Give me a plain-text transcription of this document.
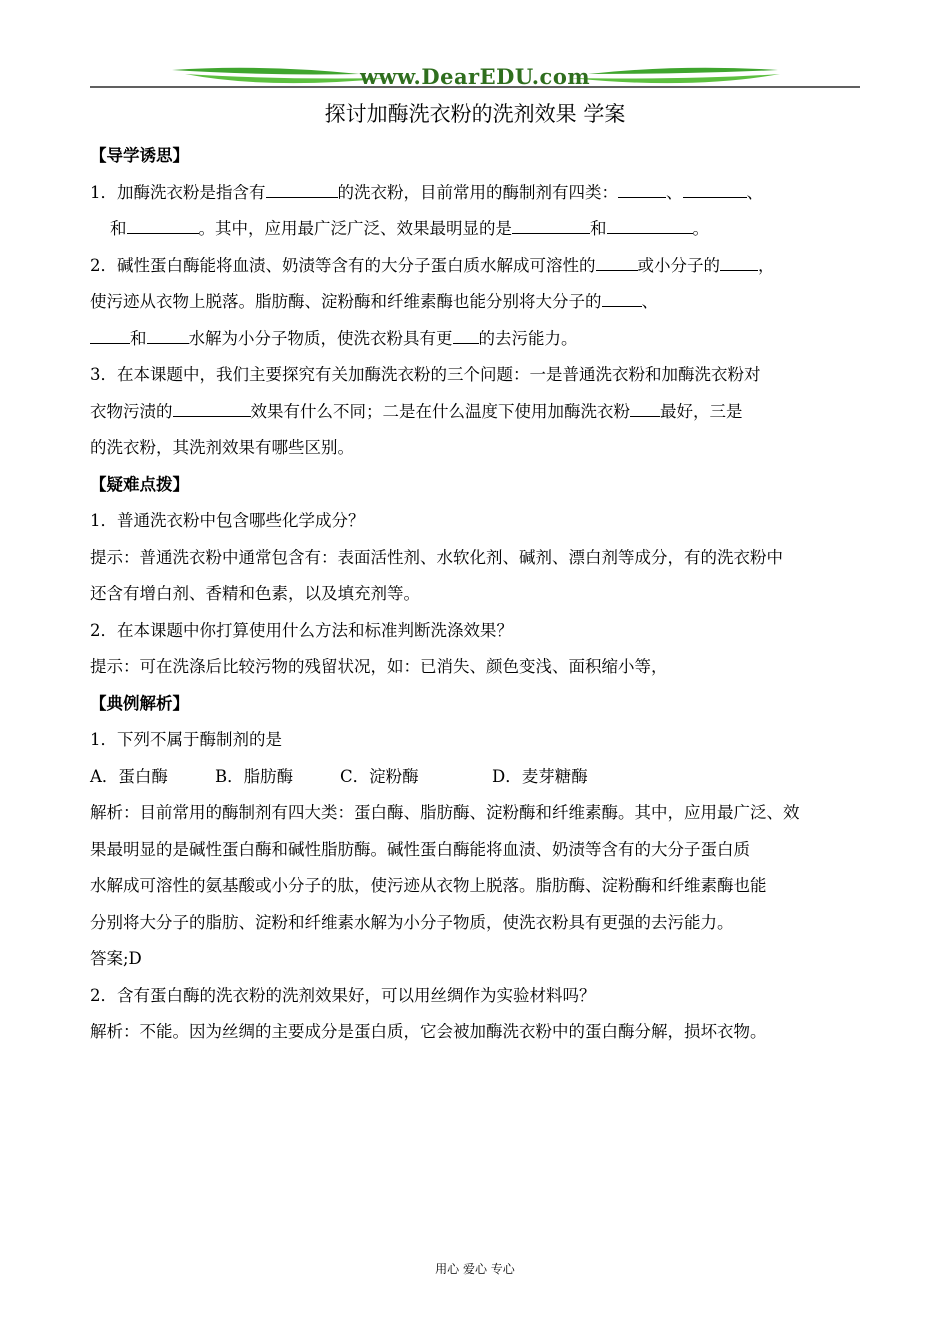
www.DearEDU.com
探讨加酶洗衣粉的洗剂效果 学案
【导学诱思】
1．加酶洗衣粉是指含有	的洗衣粉，目前常用的酶制剂有四类：	、	、
和	。其中，应用最广泛广泛、效果最明显的是	和	。
2．碱性蛋白酶能将血渍、奶渍等含有的大分子蛋白质水解成可溶性的	或小分子的 ，
使污迹从衣物上脱落。脂肪酶、淀粉酶和纤维素酶也能分别将大分子的 、
和	水解为小分子物质，使洗衣粉具有更 的去污能力。
3．在本课题中，我们主要探究有关加酶洗衣粉的三个问题：一是普通洗衣粉和加酶洗衣粉对
衣物污渍的	效果有什么不同；二是在什么温度下使用加酶洗衣粉 最好，三是
的洗衣粉，其洗剂效果有哪些区别。
【疑难点拨】
1．普通洗衣粉中包含哪些化学成分？
提示：普通洗衣粉中通常包含有：表面活性剂、水软化剂、碱剂、漂白剂等成分，有的洗衣粉中
还含有增白剂、香精和色素，以及填充剂等。
2．在本课题中你打算使用什么方法和标准判断洗涤效果？
提示：可在洗涤后比较污物的残留状况，如：已消失、颜色变浅、面积缩小等，
【典例解析】
1．下列不属于酶制剂的是
A．蛋白酶	B．脂肪酶	C．淀粉酶	D．麦芽糖酶
解析：目前常用的酶制剂有四大类：蛋白酶、脂肪酶、淀粉酶和纤维素酶。其中，应用最广泛、效
果最明显的是碱性蛋白酶和碱性脂肪酶。碱性蛋白酶能将血渍、奶渍等含有的大分子蛋白质
水解成可溶性的氨基酸或小分子的肽，使污迹从衣物上脱落。脂肪酶、淀粉酶和纤维素酶也能
分别将大分子的脂肪、淀粉和纤维素水解为小分子物质，使洗衣粉具有更强的去污能力。
答案;D
2．含有蛋白酶的洗衣粉的洗剂效果好，可以用丝绸作为实验材料吗？
解析：不能。因为丝绸的主要成分是蛋白质，它会被加酶洗衣粉中的蛋白酶分解，损坏衣物。
用心 爱心 专心
